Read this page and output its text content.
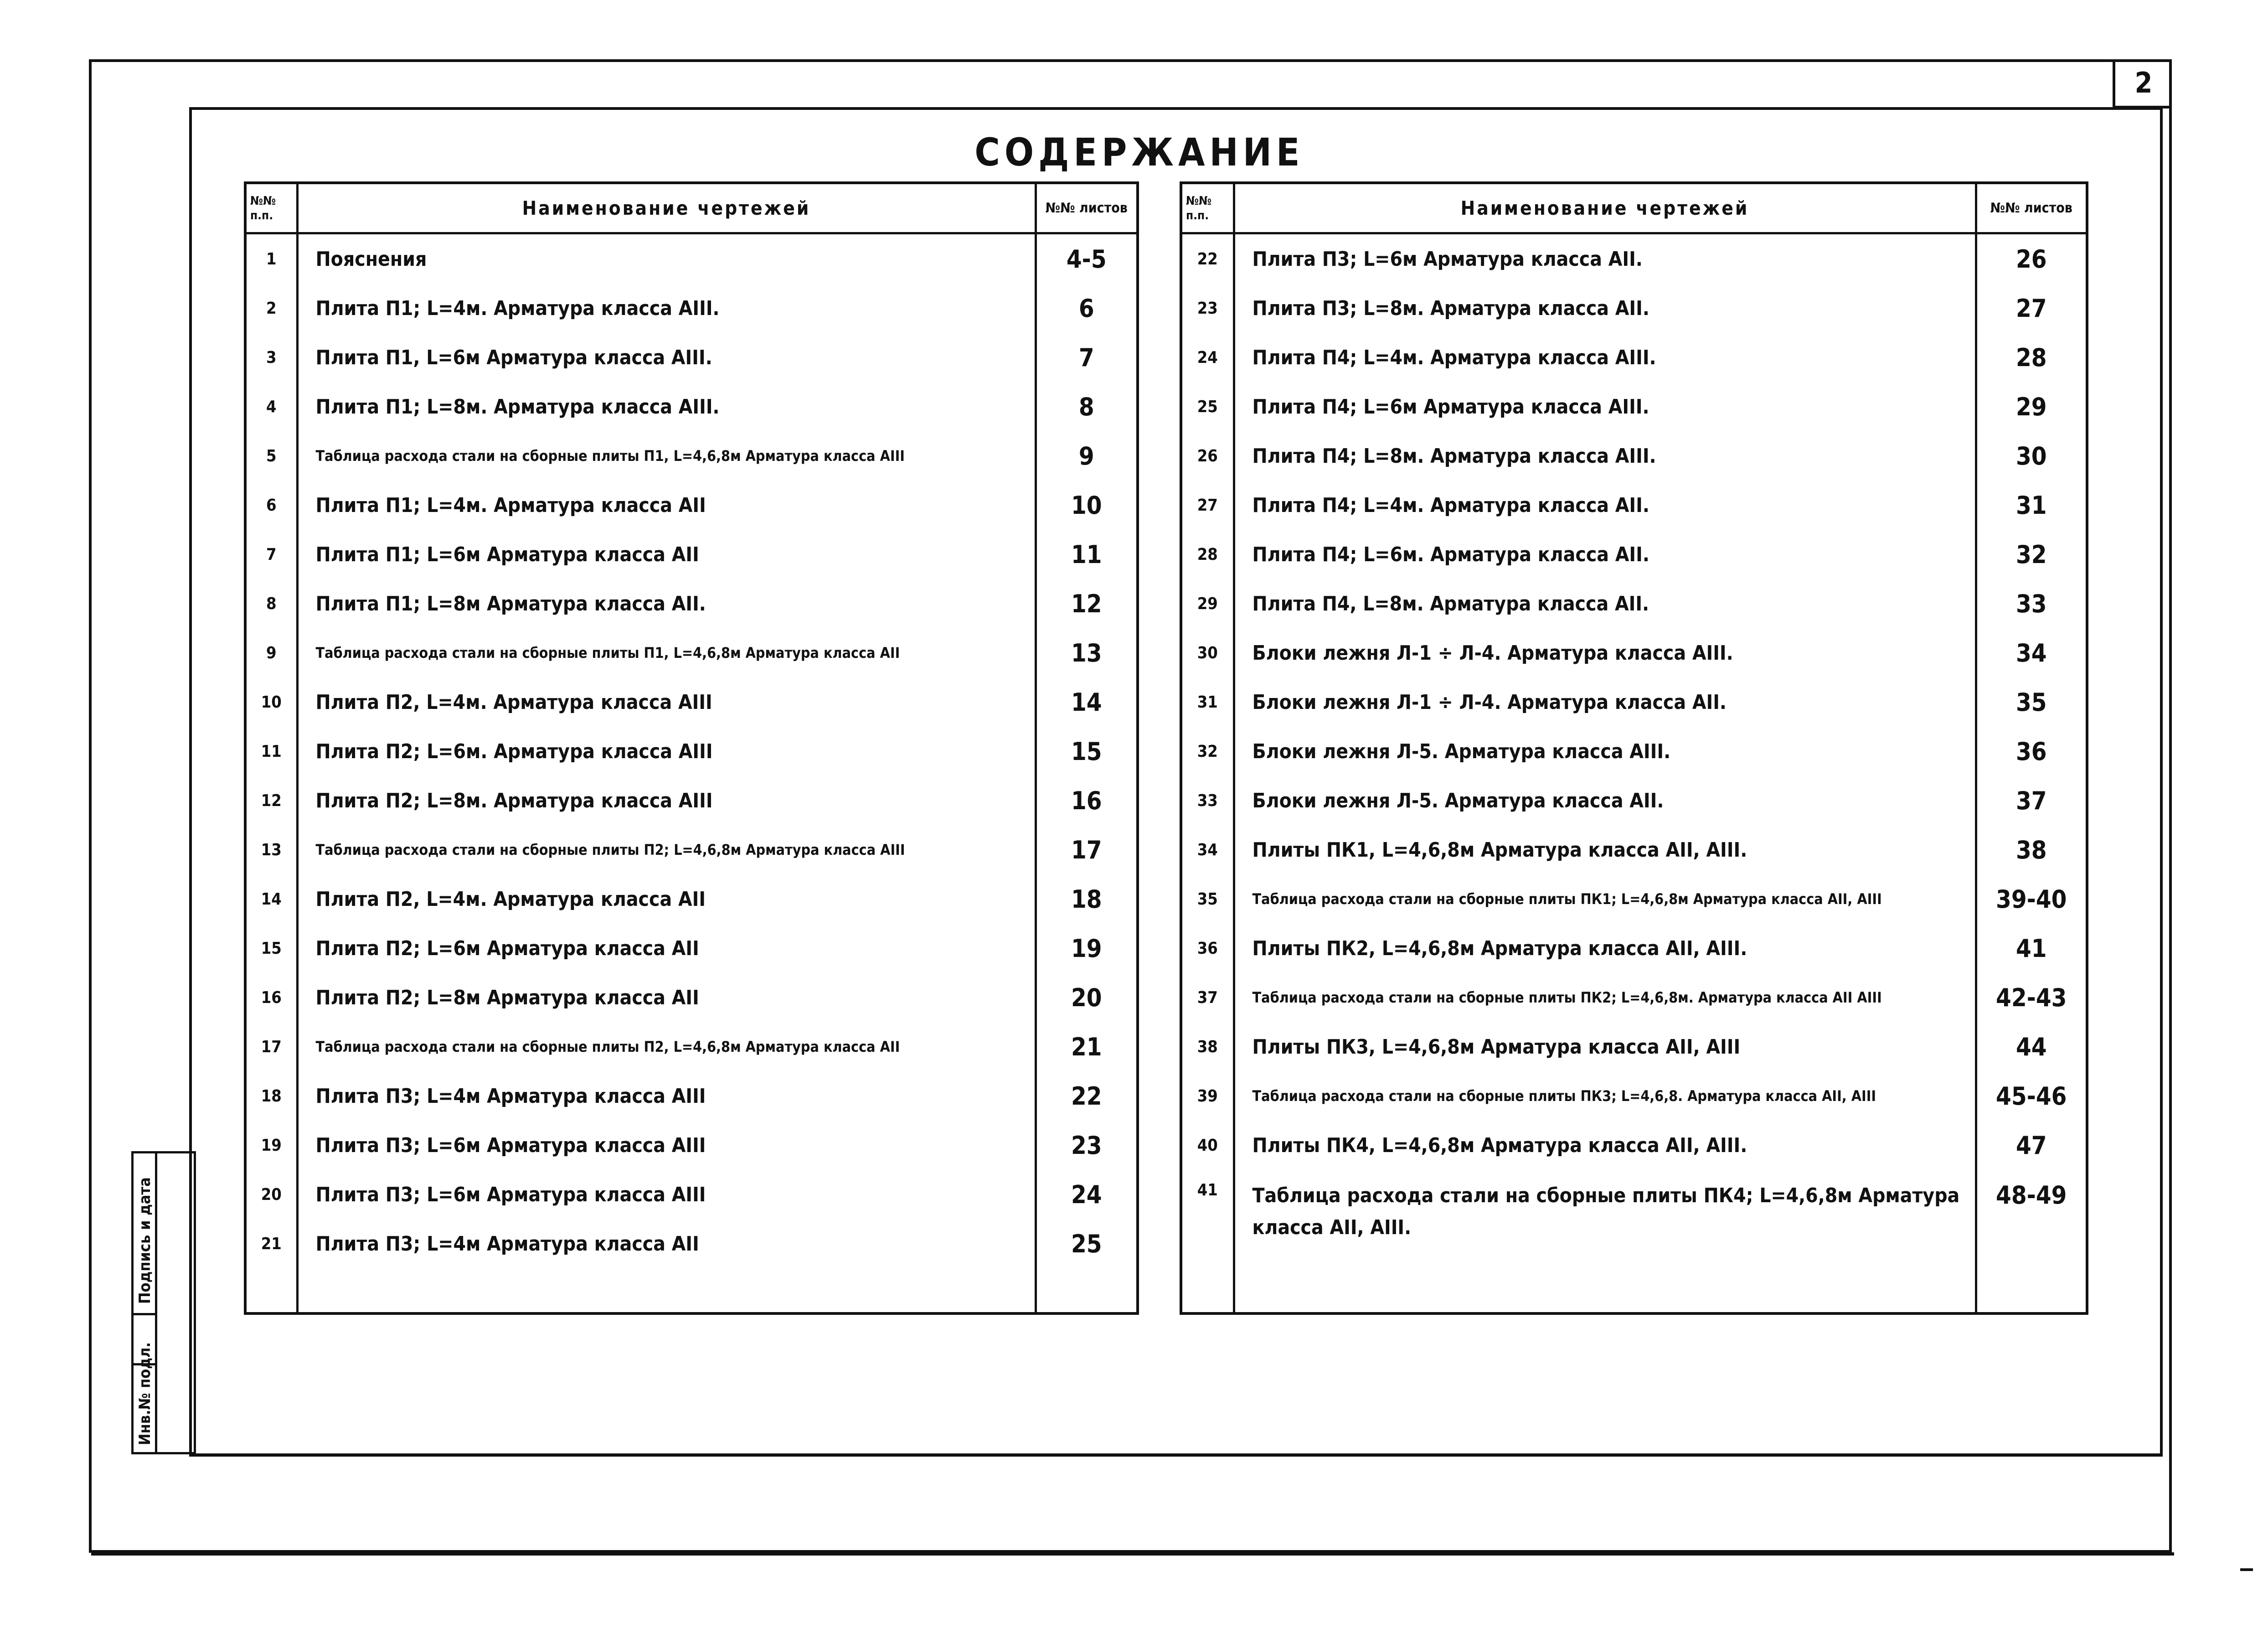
2
СОДЕРЖАНИЕ
№№ п.п.	Наименование чертежей	№№ листов
1	Пояснения	4-5
2	Плита П1; L=4м. Арматура класса АIII.	6
3	Плита П1, L=6м Арматура класса АIII.	7
4	Плита П1; L=8м. Арматура класса АIII.	8
5	Таблица расхода стали на сборные плиты П1, L=4,6,8м Арматура класса АIII	9
6	Плита П1; L=4м. Арматура класса АII	10
7	Плита П1; L=6м Арматура класса АII	11
8	Плита П1; L=8м Арматура класса АII.	12
9	Таблица расхода стали на сборные плиты П1, L=4,6,8м Арматура класса АII	13
10	Плита П2, L=4м. Арматура класса АIII	14
11	Плита П2; L=6м. Арматура класса АIII	15
12	Плита П2; L=8м. Арматура класса АIII	16
13	Таблица расхода стали на сборные плиты П2; L=4,6,8м Арматура класса АIII	17
14	Плита П2, L=4м. Арматура класса АII	18
15	Плита П2; L=6м Арматура класса АII	19
16	Плита П2; L=8м Арматура класса АII	20
17	Таблица расхода стали на сборные плиты П2, L=4,6,8м Арматура класса АII	21
18	Плита П3; L=4м Арматура класса АIII	22
19	Плита П3; L=6м Арматура класса АIII	23
20	Плита П3; L=6м Арматура класса АIII	24
21	Плита П3; L=4м Арматура класса АII	25

№№ п.п.	Наименование чертежей	№№ листов
22	Плита П3; L=6м Арматура класса АII.	26
23	Плита П3; L=8м. Арматура класса АII.	27
24	Плита П4; L=4м. Арматура класса АIII.	28
25	Плита П4; L=6м Арматура класса АIII.	29
26	Плита П4; L=8м. Арматура класса АIII.	30
27	Плита П4; L=4м. Арматура класса АII.	31
28	Плита П4; L=6м. Арматура класса АII.	32
29	Плита П4, L=8м. Арматура класса АII.	33
30	Блоки лежня Л-1 ÷ Л-4. Арматура класса АIII.	34
31	Блоки лежня Л-1 ÷ Л-4. Арматура класса АII.	35
32	Блоки лежня Л-5. Арматура класса АIII.	36
33	Блоки лежня Л-5. Арматура класса АII.	37
34	Плиты ПК1, L=4,6,8м Арматура класса АII, АIII.	38
35	Таблица расхода стали на сборные плиты ПК1; L=4,6,8м Арматура класса АII, АIII	39-40
36	Плиты ПК2, L=4,6,8м Арматура класса АII, АIII.	41
37	Таблица расхода стали на сборные плиты ПК2; L=4,6,8м. Арматура класса АII АIII	42-43
38	Плиты ПК3, L=4,6,8м Арматура класса АII, АIII	44
39	Таблица расхода стали на сборные плиты ПК3; L=4,6,8. Арматура класса АII, АIII	45-46
40	Плиты ПК4, L=4,6,8м Арматура класса АII, АIII.	47
41	Таблица расхода стали на сборные плиты ПК4; L=4,6,8м Арматура класса АII, АIII.	48-49

Подпись и дата
Инв.№ подл.
